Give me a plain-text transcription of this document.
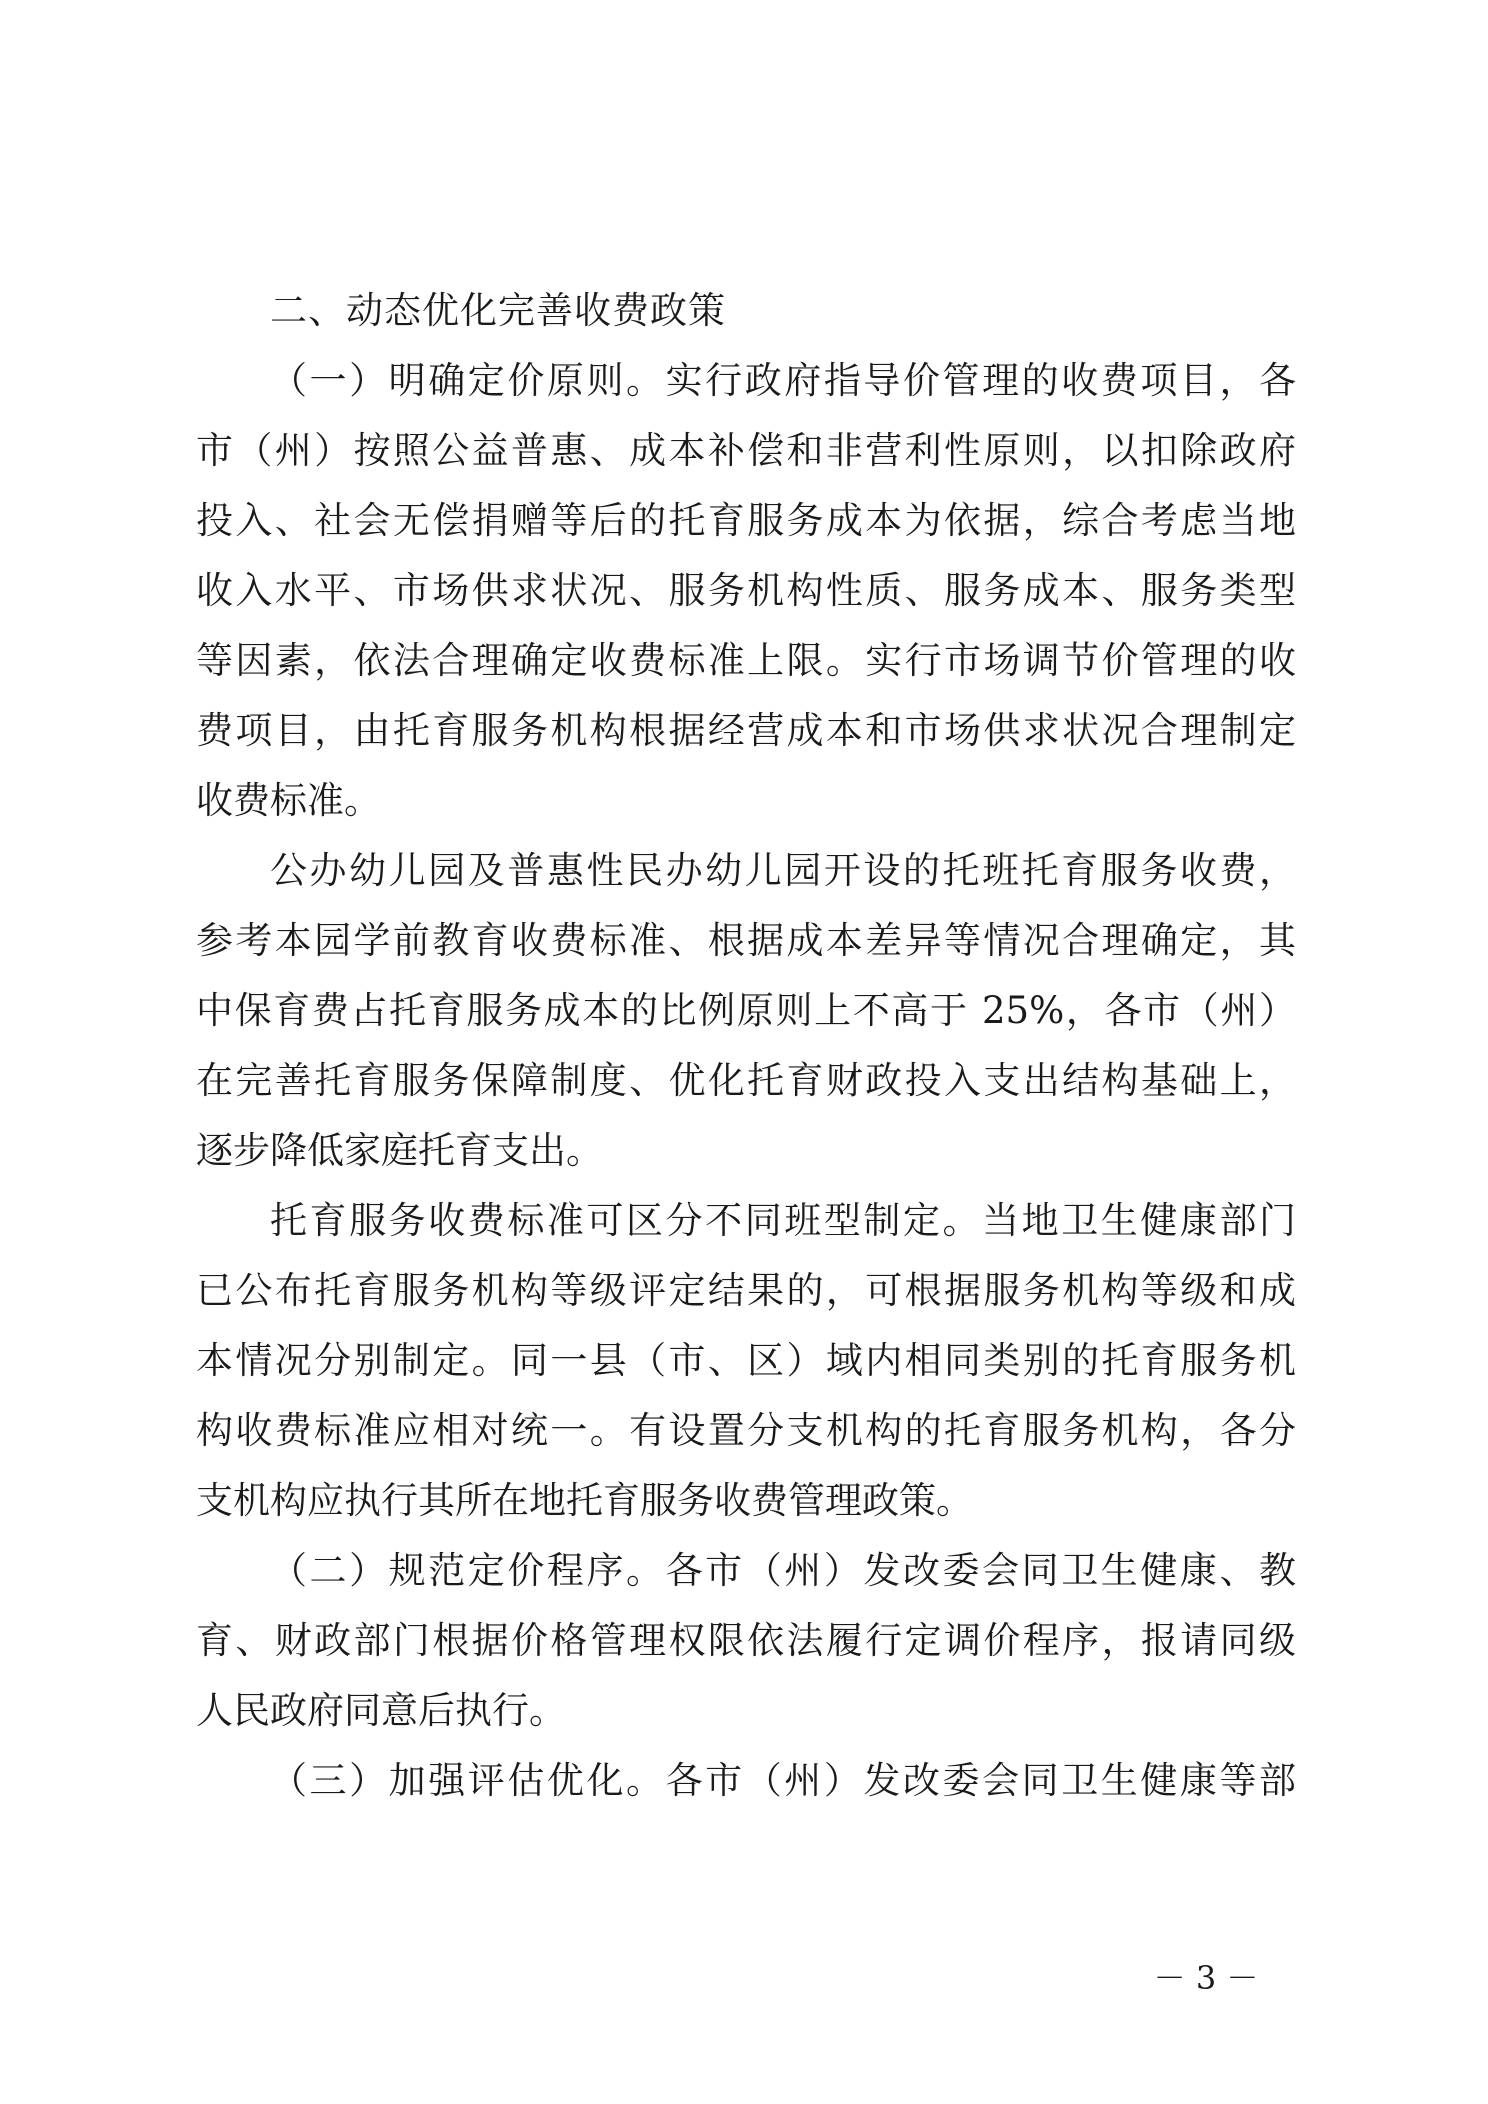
二、动态优化完善收费政策

（一）明确定价原则。实行政府指导价管理的收费项目，各

市（州）按照公益普惠、成本补偿和非营利性原则，以扣除政府

投入、社会无偿捐赠等后的托育服务成本为依据，综合考虑当地

收入水平、市场供求状况、服务机构性质、服务成本、服务类型

等因素，依法合理确定收费标准上限。实行市场调节价管理的收

费项目，由托育服务机构根据经营成本和市场供求状况合理制定

收费标准。

公办幼儿园及普惠性民办幼儿园开设的托班托育服务收费，

参考本园学前教育收费标准、根据成本差异等情况合理确定，其

中保育费占托育服务成本的比例原则上不高于 25%，各市（州）

在完善托育服务保障制度、优化托育财政投入支出结构基础上，

逐步降低家庭托育支出。

托育服务收费标准可区分不同班型制定。当地卫生健康部门

已公布托育服务机构等级评定结果的，可根据服务机构等级和成

本情况分别制定。同一县（市、区）域内相同类别的托育服务机

构收费标准应相对统一。有设置分支机构的托育服务机构，各分

支机构应执行其所在地托育服务收费管理政策。

（二）规范定价程序。各市（州）发改委会同卫生健康、教

育、财政部门根据价格管理权限依法履行定调价程序，报请同级

人民政府同意后执行。

（三）加强评估优化。各市（州）发改委会同卫生健康等部

－ 3 －
